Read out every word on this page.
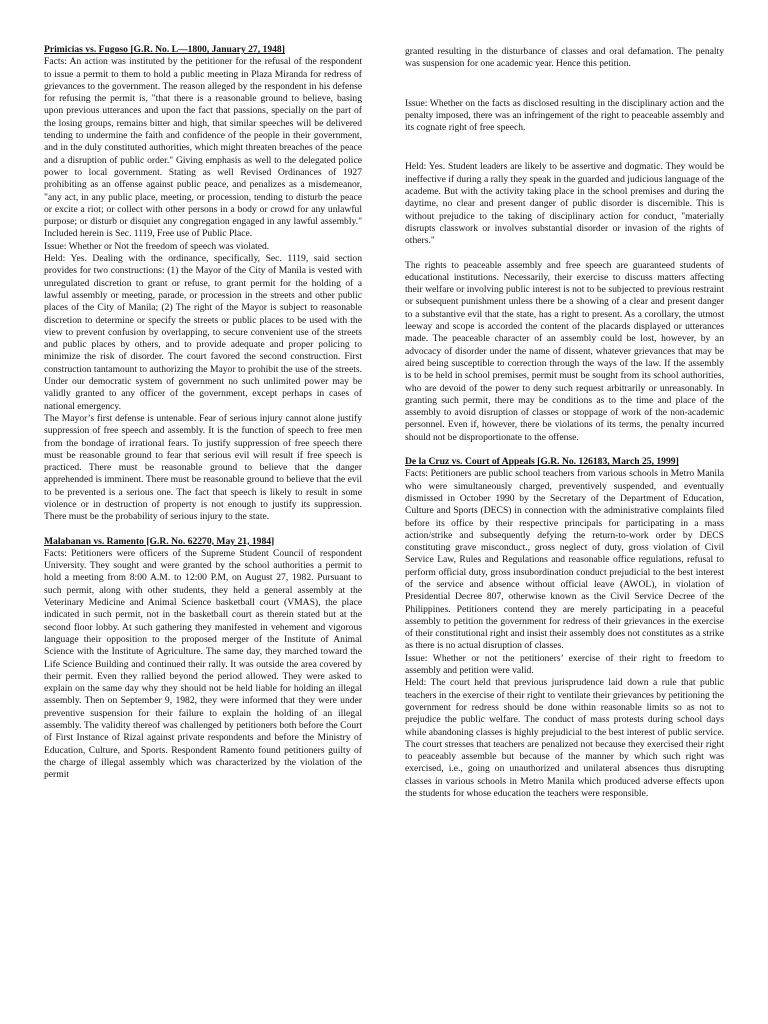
Primicias vs. Fugoso [G.R. No. L—1800, January 27, 1948]

Facts: An action was instituted by the petitioner for the refusal of the respondent to issue a permit to them to hold a public meeting in Plaza Miranda for redress of grievances to the government. The reason alleged by the respondent in his defense for refusing the permit is, "that there is a reasonable ground to believe, basing upon previous utterances and upon the fact that passions, specially on the part of the losing groups, remains bitter and high, that similar speeches will be delivered tending to undermine the faith and confidence of the people in their government, and in the duly constituted authorities, which might threaten breaches of the peace and a disruption of public order." Giving emphasis as well to the delegated police power to local government. Stating as well Revised Ordinances of 1927 prohibiting as an offense against public peace, and penalizes as a misdemeanor, "any act, in any public place, meeting, or procession, tending to disturb the peace or excite a riot; or collect with other persons in a body or crowd for any unlawful purpose; or disturb or disquiet any congregation engaged in any lawful assembly." Included herein is Sec. 1119, Free use of Public Place.

Issue: Whether or Not the freedom of speech was violated.

Held: Yes. Dealing with the ordinance, specifically, Sec. 1119, said section provides for two constructions: (1) the Mayor of the City of Manila is vested with unregulated discretion to grant or refuse, to grant permit for the holding of a lawful assembly or meeting, parade, or procession in the streets and other public places of the City of Manila; (2) The right of the Mayor is subject to reasonable discretion to determine or specify the streets or public places to be used with the view to prevent confusion by overlapping, to secure convenient use of the streets and public places by others, and to provide adequate and proper policing to minimize the risk of disorder. The court favored the second construction. First construction tantamount to authorizing the Mayor to prohibit the use of the streets. Under our democratic system of government no such unlimited power may be validly granted to any officer of the government, except perhaps in cases of national emergency.

The Mayor’s first defense is untenable. Fear of serious injury cannot alone justify suppression of free speech and assembly. It is the function of speech to free men from the bondage of irrational fears. To justify suppression of free speech there must be reasonable ground to fear that serious evil will result if free speech is practiced. There must be reasonable ground to believe that the danger apprehended is imminent. There must be reasonable ground to believe that the evil to be prevented is a serious one. The fact that speech is likely to result in some violence or in destruction of property is not enough to justify its suppression. There must be the probability of serious injury to the state.

Malabanan vs. Ramento [G.R. No. 62270, May 21, 1984]

Facts: Petitioners were officers of the Supreme Student Council of respondent University. They sought and were granted by the school authorities a permit to hold a meeting from 8:00 A.M. to 12:00 P.M, on August 27, 1982. Pursuant to such permit, along with other students, they held a general assembly at the Veterinary Medicine and Animal Science basketball court (VMAS), the place indicated in such permit, not in the basketball court as therein stated but at the second floor lobby. At such gathering they manifested in vehement and vigorous language their opposition to the proposed merger of the Institute of Animal Science with the Institute of Agriculture. The same day, they marched toward the Life Science Building and continued their rally. It was outside the area covered by their permit. Even they rallied beyond the period allowed. They were asked to explain on the same day why they should not be held liable for holding an illegal assembly. Then on September 9, 1982, they were informed that they were under preventive suspension for their failure to explain the holding of an illegal assembly. The validity thereof was challenged by petitioners both before the Court of First Instance of Rizal against private respondents and before the Ministry of Education, Culture, and Sports. Respondent Ramento found petitioners guilty of the charge of illegal assembly which was characterized by the violation of the permit

granted resulting in the disturbance of classes and oral defamation. The penalty was suspension for one academic year. Hence this petition.

Issue: Whether on the facts as disclosed resulting in the disciplinary action and the penalty imposed, there was an infringement of the right to peaceable assembly and its cognate right of free speech.

Held: Yes. Student leaders are likely to be assertive and dogmatic. They would be ineffective if during a rally they speak in the guarded and judicious language of the academe. But with the activity taking place in the school premises and during the daytime, no clear and present danger of public disorder is discernible. This is without prejudice to the taking of disciplinary action for conduct, "materially disrupts classwork or involves substantial disorder or invasion of the rights of others."

The rights to peaceable assembly and free speech are guaranteed students of educational institutions. Necessarily, their exercise to discuss matters affecting their welfare or involving public interest is not to be subjected to previous restraint or subsequent punishment unless there be a showing of a clear and present danger to a substantive evil that the state, has a right to present. As a corollary, the utmost leeway and scope is accorded the content of the placards displayed or utterances made. The peaceable character of an assembly could be lost, however, by an advocacy of disorder under the name of dissent, whatever grievances that may be aired being susceptible to correction through the ways of the law. If the assembly is to be held in school premises, permit must be sought from its school authorities, who are devoid of the power to deny such request arbitrarily or unreasonably. In granting such permit, there may be conditions as to the time and place of the assembly to avoid disruption of classes or stoppage of work of the non-academic personnel. Even if, however, there be violations of its terms, the penalty incurred should not be disproportionate to the offense.

De la Cruz vs. Court of Appeals [G.R. No. 126183, March 25, 1999]

Facts: Petitioners are public school teachers from various schools in Metro Manila who were simultaneously charged, preventively suspended, and eventually dismissed in October 1990 by the Secretary of the Department of Education, Culture and Sports (DECS) in connection with the administrative complaints filed before its office by their respective principals for participating in a mass action/strike and subsequently defying the return-to-work order by DECS constituting grave misconduct., gross neglect of duty, gross violation of Civil Service Law, Rules and Regulations and reasonable office regulations, refusal to perform official duty, gross insubordination conduct prejudicial to the best interest of the service and absence without official leave (AWOL), in violation of Presidential Decree 807, otherwise known as the Civil Service Decree of the Philippines. Petitioners contend they are merely participating in a peaceful assembly to petition the government for redress of their grievances in the exercise of their constitutional right and insist their assembly does not constitutes as a strike as there is no actual disruption of classes.

Issue: Whether or not the petitioners’ exercise of their right to freedom to assembly and petition were valid.

Held: The court held that previous jurisprudence laid down a rule that public teachers in the exercise of their right to ventilate their grievances by petitioning the government for redress should be done within reasonable limits so as not to prejudice the public welfare. The conduct of mass protests during school days while abandoning classes is highly prejudicial to the best interest of public service. The court stresses that teachers are penalized not because they exercised their right to peaceably assemble but because of the manner by which such right was exercised, i.e., going on unauthorized and unilateral absences thus disrupting classes in various schools in Metro Manila which produced adverse effects upon the students for whose education the teachers were responsible.
